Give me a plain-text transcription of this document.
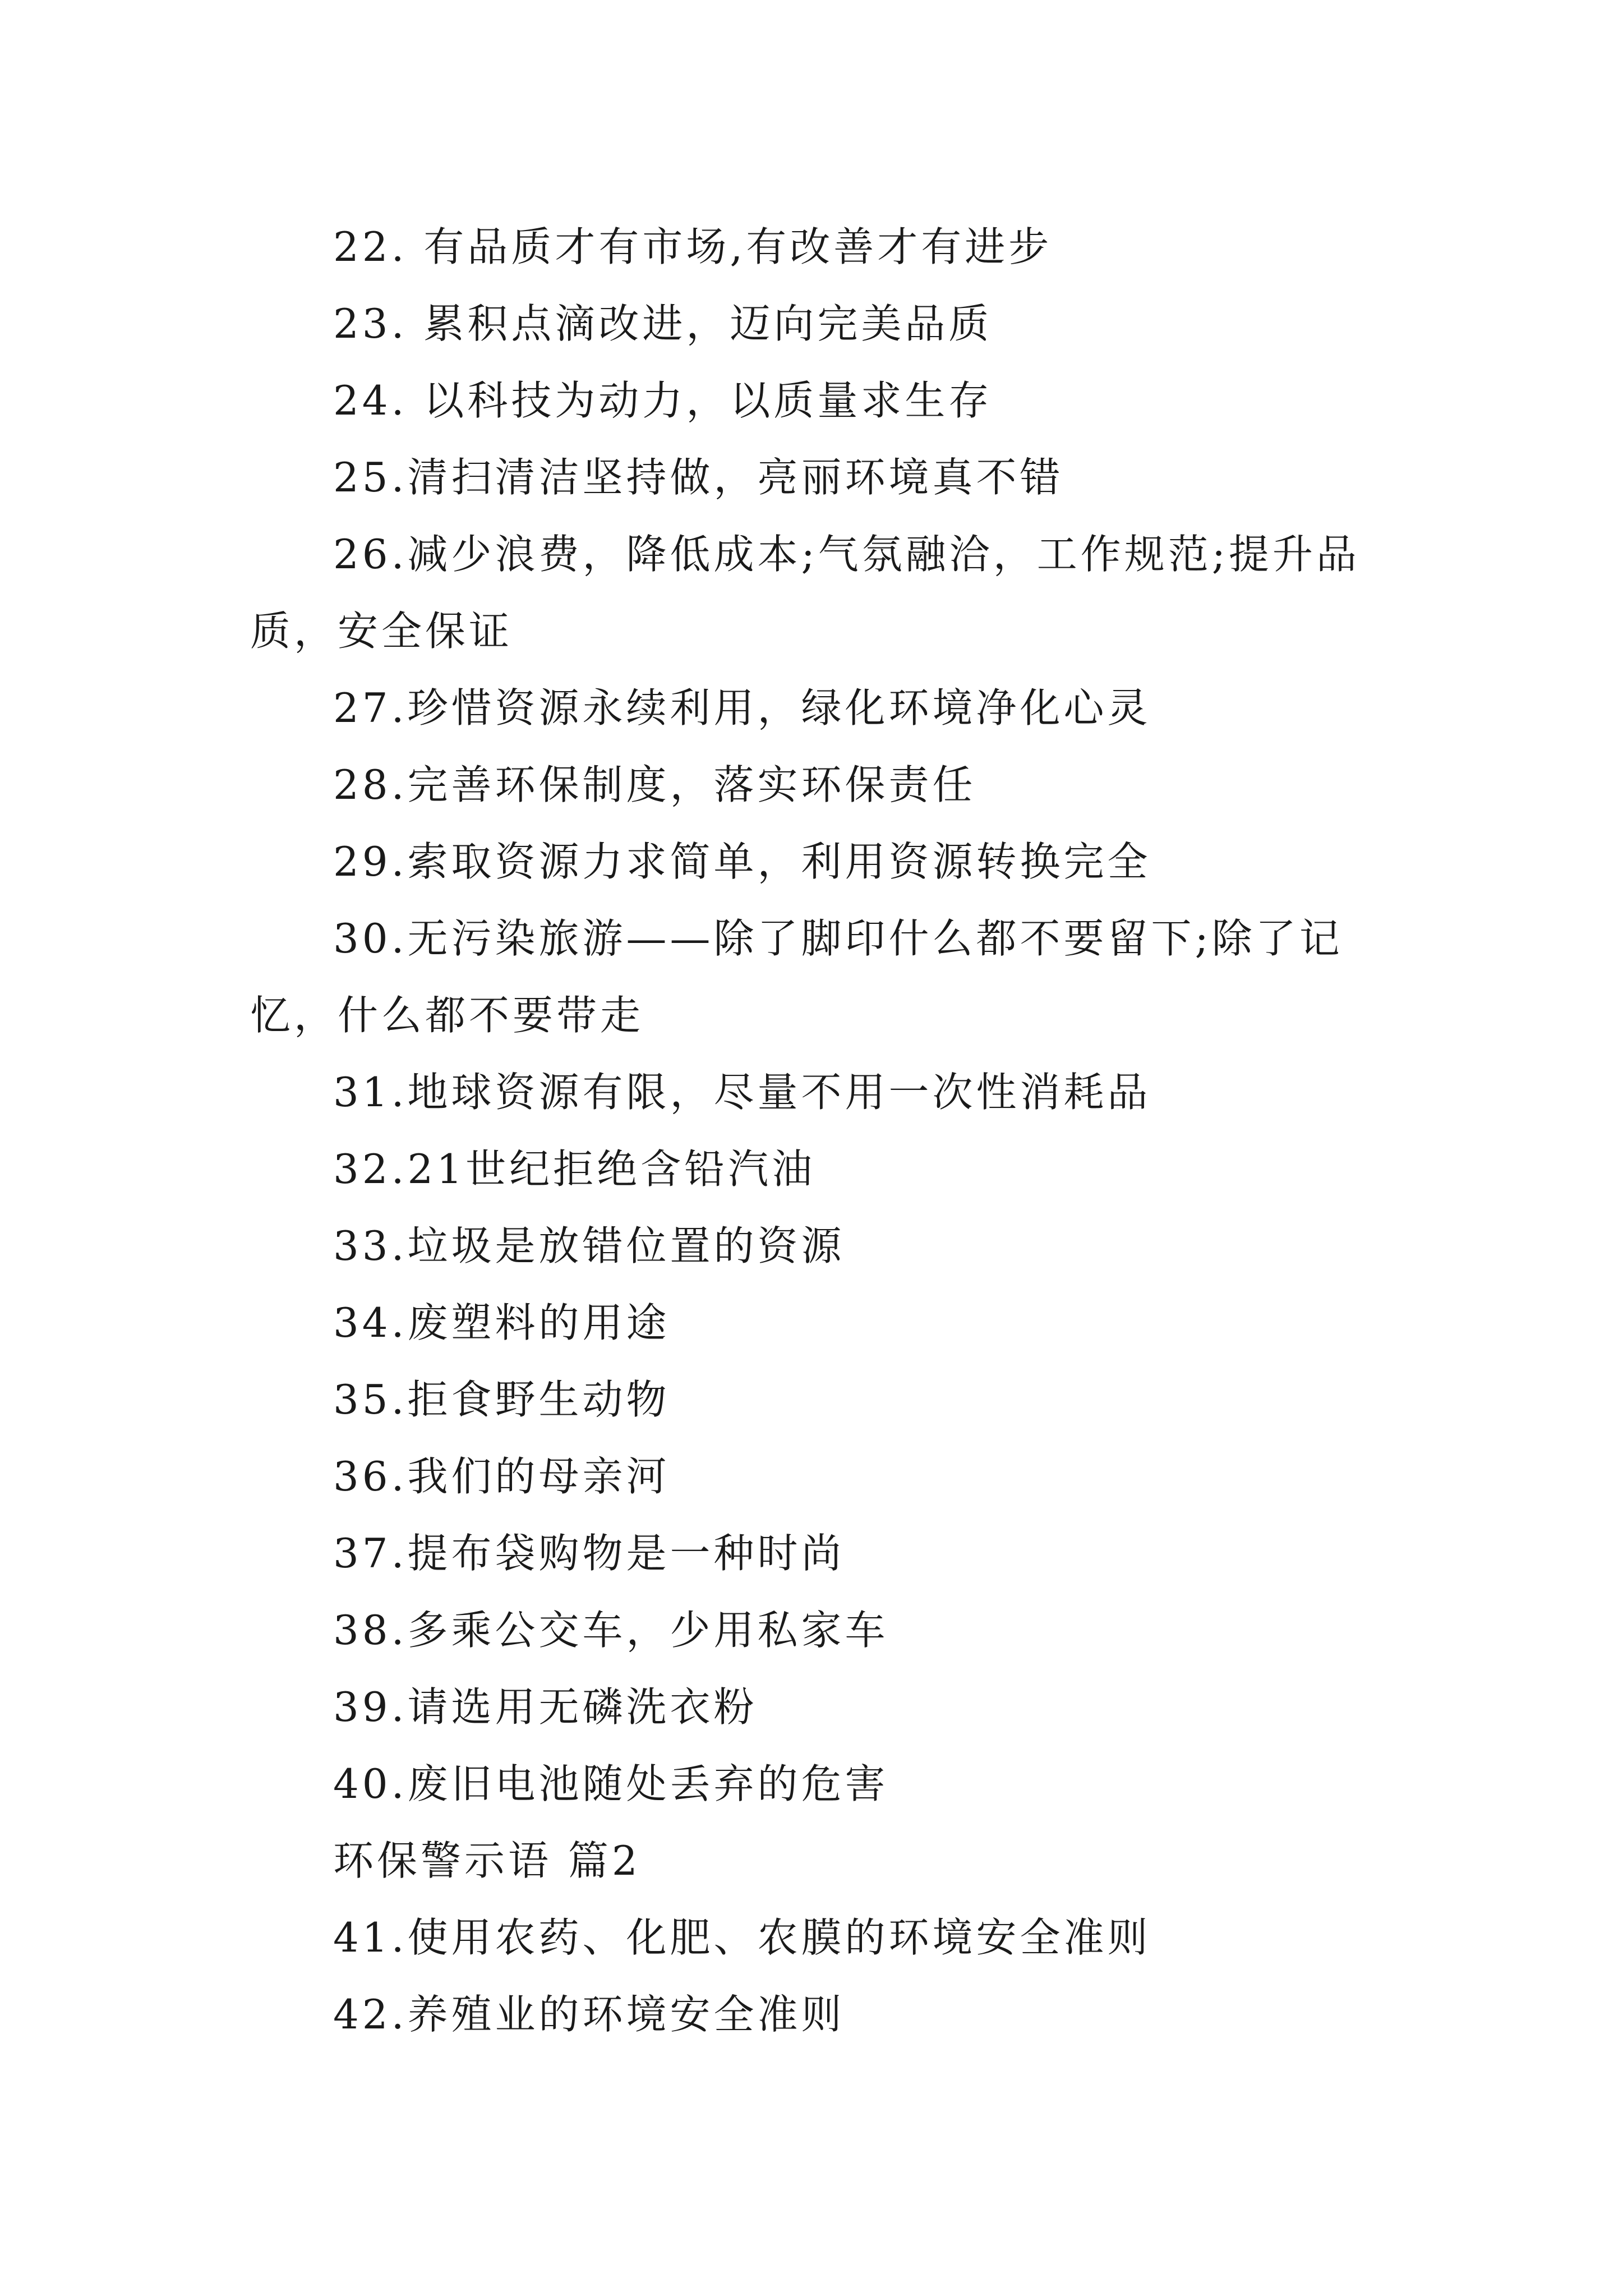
22. 有品质才有市场,有改善才有进步

23. 累积点滴改进，迈向完美品质

24. 以科技为动力，以质量求生存

25.清扫清洁坚持做，亮丽环境真不错

26.减少浪费，降低成本;气氛融洽，工作规范;提升品质，安全保证

27.珍惜资源永续利用，绿化环境净化心灵

28.完善环保制度，落实环保责任

29.索取资源力求简单，利用资源转换完全

30.无污染旅游——除了脚印什么都不要留下;除了记忆，什么都不要带走

31.地球资源有限，尽量不用一次性消耗品

32.21世纪拒绝含铅汽油

33.垃圾是放错位置的资源

34.废塑料的用途

35.拒食野生动物

36.我们的母亲河

37.提布袋购物是一种时尚

38.多乘公交车，少用私家车

39.请选用无磷洗衣粉

40.废旧电池随处丢弃的危害

环保警示语 篇2

41.使用农药、化肥、农膜的环境安全准则

42.养殖业的环境安全准则
